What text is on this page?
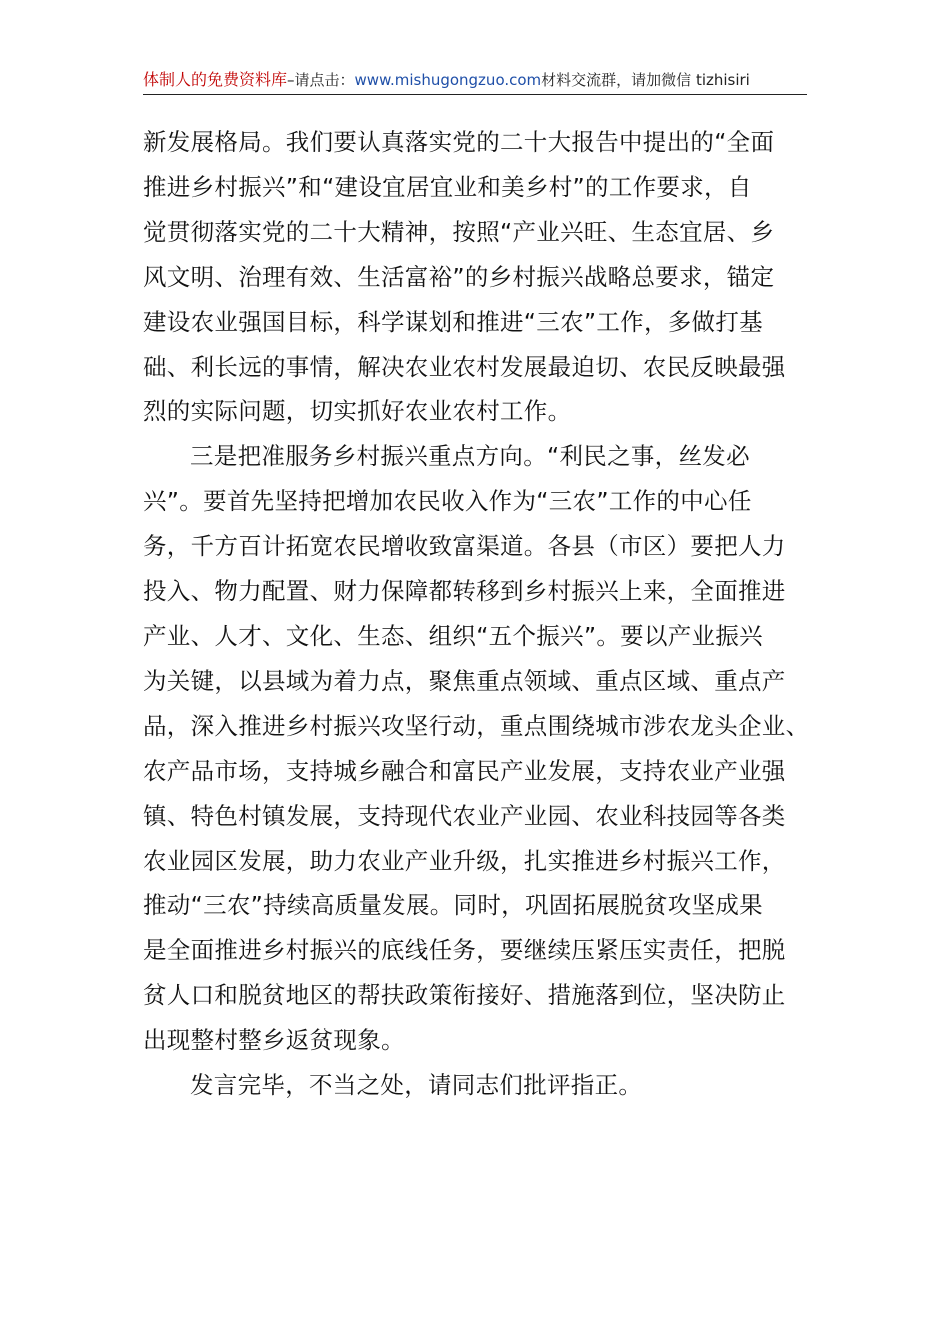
体制人的免费资料库–请点击：www.mishugongzuo.com材料交流群，请加微信 tizhisiri

新发展格局。我们要认真落实党的二十大报告中提出的“全面
推进乡村振兴”和“建设宜居宜业和美乡村”的工作要求，自
觉贯彻落实党的二十大精神，按照“产业兴旺、生态宜居、乡
风文明、治理有效、生活富裕”的乡村振兴战略总要求，锚定
建设农业强国目标，科学谋划和推进“三农”工作，多做打基
础、利长远的事情，解决农业农村发展最迫切、农民反映最强
烈的实际问题，切实抓好农业农村工作。

三是把准服务乡村振兴重点方向。“利民之事，丝发必
兴”。要首先坚持把增加农民收入作为“三农”工作的中心任
务，千方百计拓宽农民增收致富渠道。各县（市区）要把人力
投入、物力配置、财力保障都转移到乡村振兴上来，全面推进
产业、人才、文化、生态、组织“五个振兴”。要以产业振兴
为关键，以县域为着力点，聚焦重点领域、重点区域、重点产
品，深入推进乡村振兴攻坚行动，重点围绕城市涉农龙头企业、
农产品市场，支持城乡融合和富民产业发展，支持农业产业强
镇、特色村镇发展，支持现代农业产业园、农业科技园等各类
农业园区发展，助力农业产业升级，扎实推进乡村振兴工作，
推动“三农”持续高质量发展。同时，巩固拓展脱贫攻坚成果
是全面推进乡村振兴的底线任务，要继续压紧压实责任，把脱
贫人口和脱贫地区的帮扶政策衔接好、措施落到位，坚决防止
出现整村整乡返贫现象。

发言完毕，不当之处，请同志们批评指正。
